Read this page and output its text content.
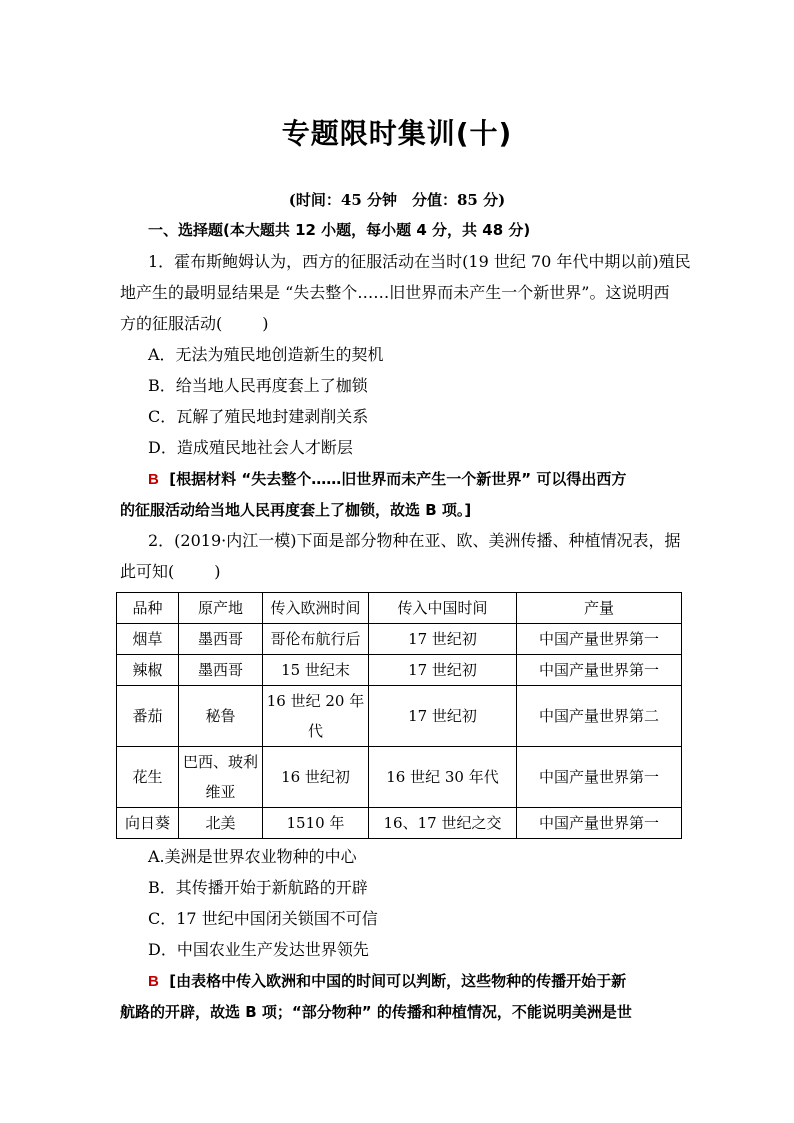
专题限时集训(十)
(时间：45 分钟　分值：85 分)
一、选择题(本大题共 12 小题，每小题 4 分，共 48 分)
1．霍布斯鲍姆认为，西方的征服活动在当时(19 世纪 70 年代中期以前)殖民
地产生的最明显结果是 “失去整个……旧世界而未产生一个新世界”。这说明西
方的征服活动(	)
A．无法为殖民地创造新生的契机
B．给当地人民再度套上了枷锁
C．瓦解了殖民地封建剥削关系
D．造成殖民地社会人才断层
B [根据材料 “失去整个……旧世界而未产生一个新世界” 可以得出西方
的征服活动给当地人民再度套上了枷锁，故选 B 项。]
2．(2019·内江一模)下面是部分物种在亚、欧、美洲传播、种植情况表，据
此可知(	)
品种	原产地	传入欧洲时间	传入中国时间	产量
烟草	墨西哥	哥伦布航行后	17 世纪初	中国产量世界第一
辣椒	墨西哥	15 世纪末	17 世纪初	中国产量世界第一
番茄	秘鲁	16 世纪 20 年代	17 世纪初	中国产量世界第二
花生	巴西、玻利维亚	16 世纪初	16 世纪 30 年代	中国产量世界第一
向日葵	北美	1510 年	16、17 世纪之交	中国产量世界第一
A.美洲是世界农业物种的中心
B．其传播开始于新航路的开辟
C．17 世纪中国闭关锁国不可信
D．中国农业生产发达世界领先
B [由表格中传入欧洲和中国的时间可以判断，这些物种的传播开始于新
航路的开辟，故选 B 项；“部分物种” 的传播和种植情况，不能说明美洲是世
